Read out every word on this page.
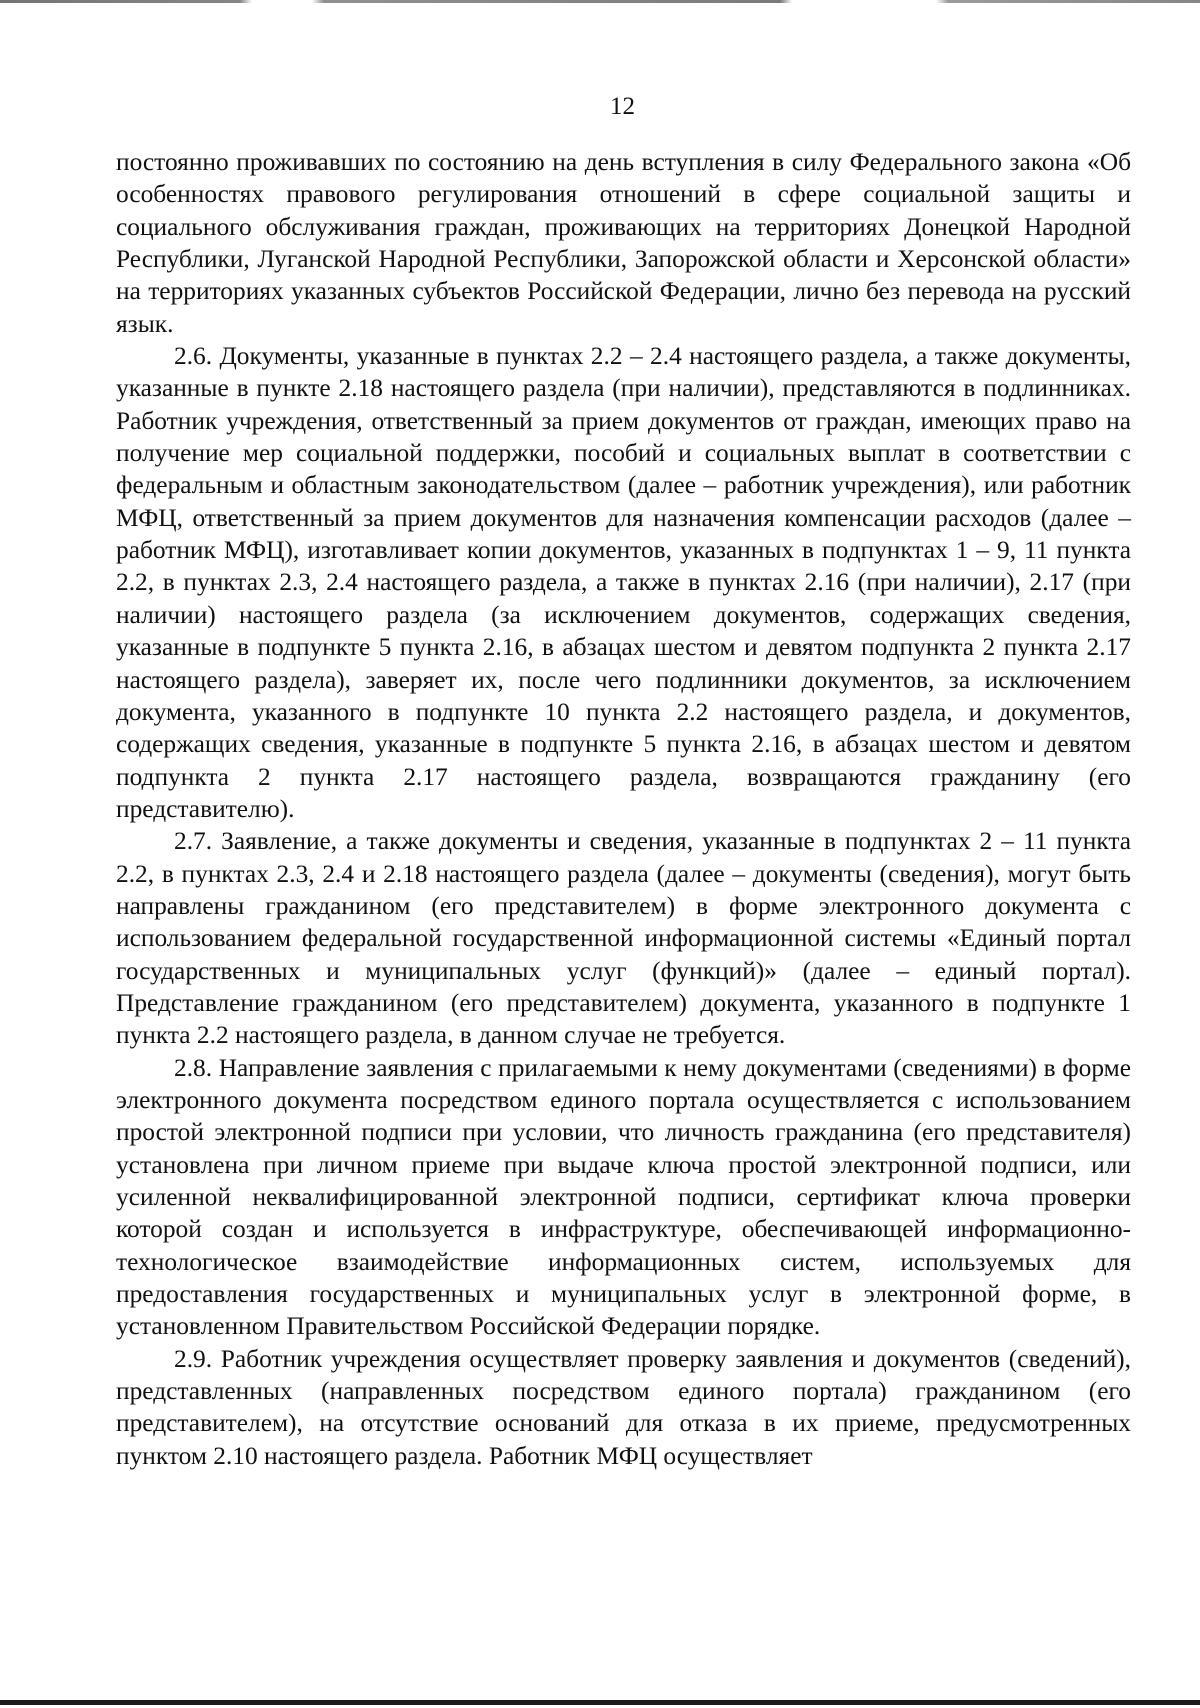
12

постоянно проживавших по состоянию на день вступления в силу Федерального закона «Об особенностях правового регулирования отношений в сфере социальной защиты и социального обслуживания граждан, проживающих на территориях Донецкой Народной Республики, Луганской Народной Республики, Запорожской области и Херсонской области» на территориях указанных субъектов Российской Федерации, лично без перевода на русский язык.

2.6. Документы, указанные в пунктах 2.2 – 2.4 настоящего раздела, а также документы, указанные в пункте 2.18 настоящего раздела (при наличии), представляются в подлинниках. Работник учреждения, ответственный за прием документов от граждан, имеющих право на получение мер социальной поддержки, пособий и социальных выплат в соответствии с федеральным и областным законодательством (далее – работник учреждения), или работник МФЦ, ответственный за прием документов для назначения компенсации расходов (далее – работник МФЦ), изготавливает копии документов, указанных в подпунктах 1 – 9, 11 пункта 2.2, в пунктах 2.3, 2.4 настоящего раздела, а также в пунктах 2.16 (при наличии), 2.17 (при наличии) настоящего раздела (за исключением документов, содержащих сведения, указанные в подпункте 5 пункта 2.16, в абзацах шестом и девятом подпункта 2 пункта 2.17 настоящего раздела), заверяет их, после чего подлинники документов, за исключением документа, указанного в подпункте 10 пункта 2.2 настоящего раздела, и документов, содержащих сведения, указанные в подпункте 5 пункта 2.16, в абзацах шестом и девятом подпункта 2 пункта 2.17 настоящего раздела, возвращаются гражданину (его представителю).

2.7. Заявление, а также документы и сведения, указанные в подпунктах 2 – 11 пункта 2.2, в пунктах 2.3, 2.4 и 2.18 настоящего раздела (далее – документы (сведения), могут быть направлены гражданином (его представителем) в форме электронного документа с использованием федеральной государственной информационной системы «Единый портал государственных и муниципальных услуг (функций)» (далее – единый портал). Представление гражданином (его представителем) документа, указанного в подпункте 1 пункта 2.2 настоящего раздела, в данном случае не требуется.

2.8. Направление заявления с прилагаемыми к нему документами (сведениями) в форме электронного документа посредством единого портала осуществляется с использованием простой электронной подписи при условии, что личность гражданина (его представителя) установлена при личном приеме при выдаче ключа простой электронной подписи, или усиленной неквалифицированной электронной подписи, сертификат ключа проверки которой создан и используется в инфраструктуре, обеспечивающей информационно-технологическое взаимодействие информационных систем, используемых для предоставления государственных и муниципальных услуг в электронной форме, в установленном Правительством Российской Федерации порядке.

2.9. Работник учреждения осуществляет проверку заявления и документов (сведений), представленных (направленных посредством единого портала) гражданином (его представителем), на отсутствие оснований для отказа в их приеме, предусмотренных пунктом 2.10 настоящего раздела. Работник МФЦ осуществляет
